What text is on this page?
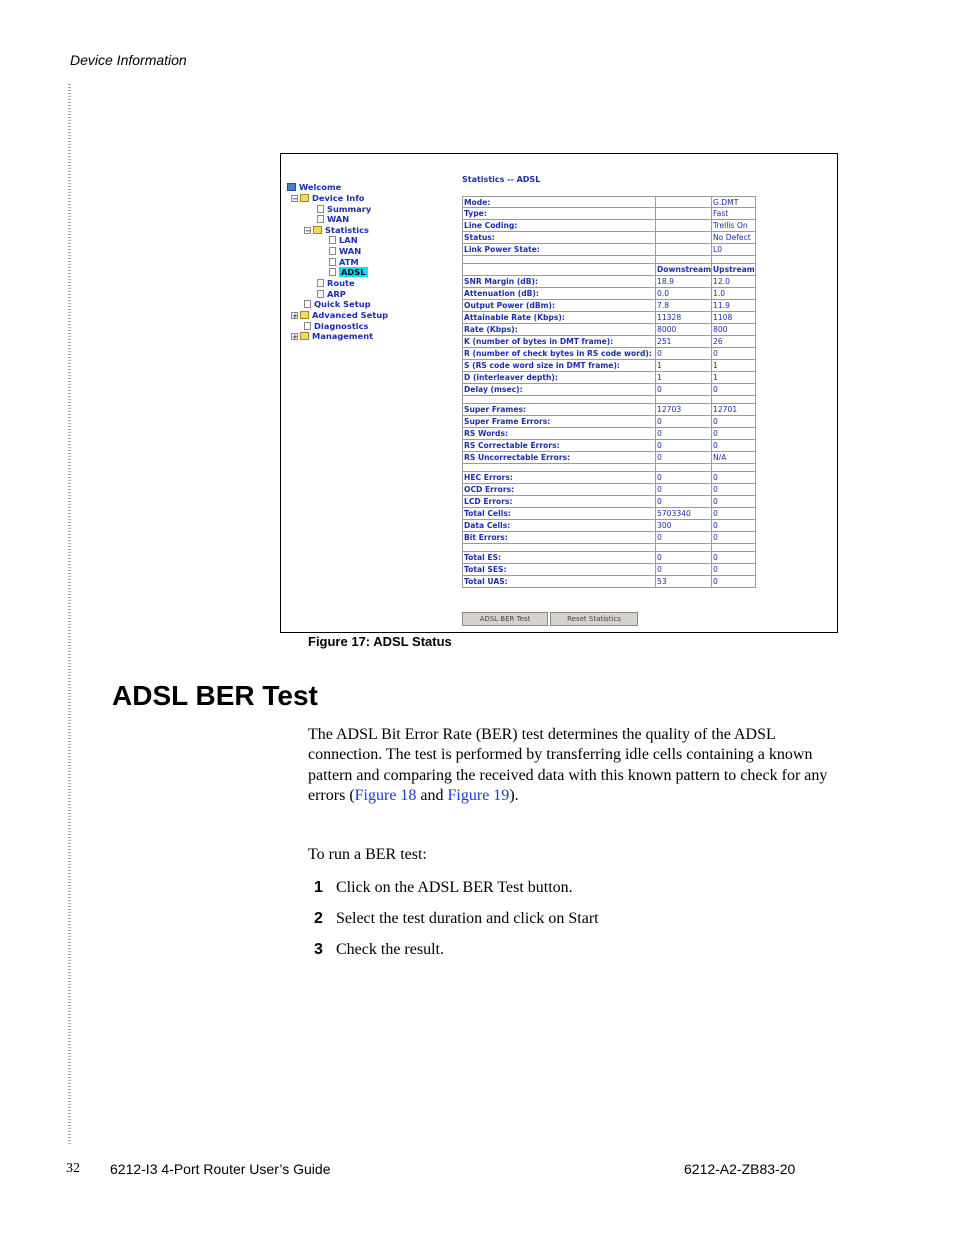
Device Information
Welcome
− Device Info
Summary
WAN
− Statistics
LAN
WAN
ATM
ADSL
Route
ARP
Quick Setup
+ Advanced Setup
Diagnostics
+ Management
Statistics -- ADSL
Mode:	G.DMT
Type:	Fast
Line Coding:	Trellis On
Status:	No Defect
Link Power State:	L0
Downstream Upstream
SNR Margin (dB):	18.9	12.0
Attenuation (dB):	0.0	1.0
Output Power (dBm):	7.8	11.9
Attainable Rate (Kbps):	11328	1108
Rate (Kbps):	8000	800
K (number of bytes in DMT frame):	251	26
R (number of check bytes in RS code word): 0	0
S (RS code word size in DMT frame):	1	1
D (interleaver depth):	1	1
Delay (msec):	0	0
Super Frames:	12703	12701
Super Frame Errors:	0	0
RS Words:	0	0
RS Correctable Errors:	0	0
RS Uncorrectable Errors:	0	N/A
HEC Errors:	0	0
OCD Errors:	0	0
LCD Errors:	0	0
Total Cells:	5703340	0
Data Cells:	300	0
Bit Errors:	0	0
Total ES:	0	0
Total SES:	0	0
Total UAS:	53	0
ADSL BER Test	Reset Statistics
Figure 17: ADSL Status
ADSL BER Test

The ADSL Bit Error Rate (BER) test determines the quality of the ADSL connection. The test is performed by transferring idle cells containing a known pattern and comparing the received data with this known pattern to check for any errors (Figure 18 and Figure 19).

To run a BER test:

1 Click on the ADSL BER Test button.
2 Select the test duration and click on Start
3 Check the result.
32 6212-I3 4-Port Router User’s Guide	6212-A2-ZB83-20
